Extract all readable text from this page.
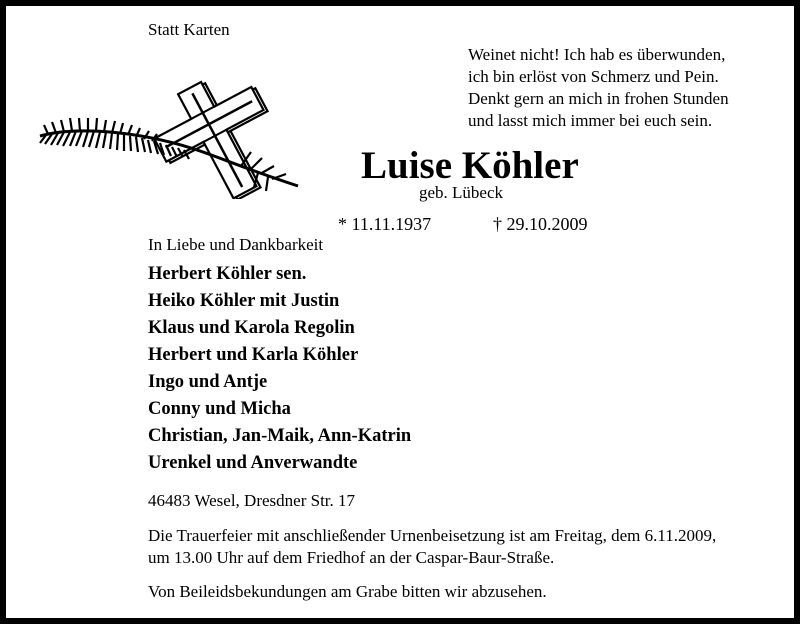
Statt Karten
Weinet nicht! Ich hab es überwunden,
ich bin erlöst von Schmerz und Pein.
Denkt gern an mich in frohen Stunden
und lasst mich immer bei euch sein.
Luise Köhler
geb. Lübeck
* 11.11.1937	† 29.10.2009
In Liebe und Dankbarkeit
Herbert Köhler sen.
Heiko Köhler mit Justin
Klaus und Karola Regolin
Herbert und Karla Köhler
Ingo und Antje
Conny und Micha
Christian, Jan-Maik, Ann-Katrin
Urenkel und Anverwandte
46483 Wesel, Dresdner Str. 17
Die Trauerfeier mit anschließender Urnenbeisetzung ist am Freitag, dem 6.11.2009,
um 13.00 Uhr auf dem Friedhof an der Caspar-Baur-Straße.
Von Beileidsbekundungen am Grabe bitten wir abzusehen.
